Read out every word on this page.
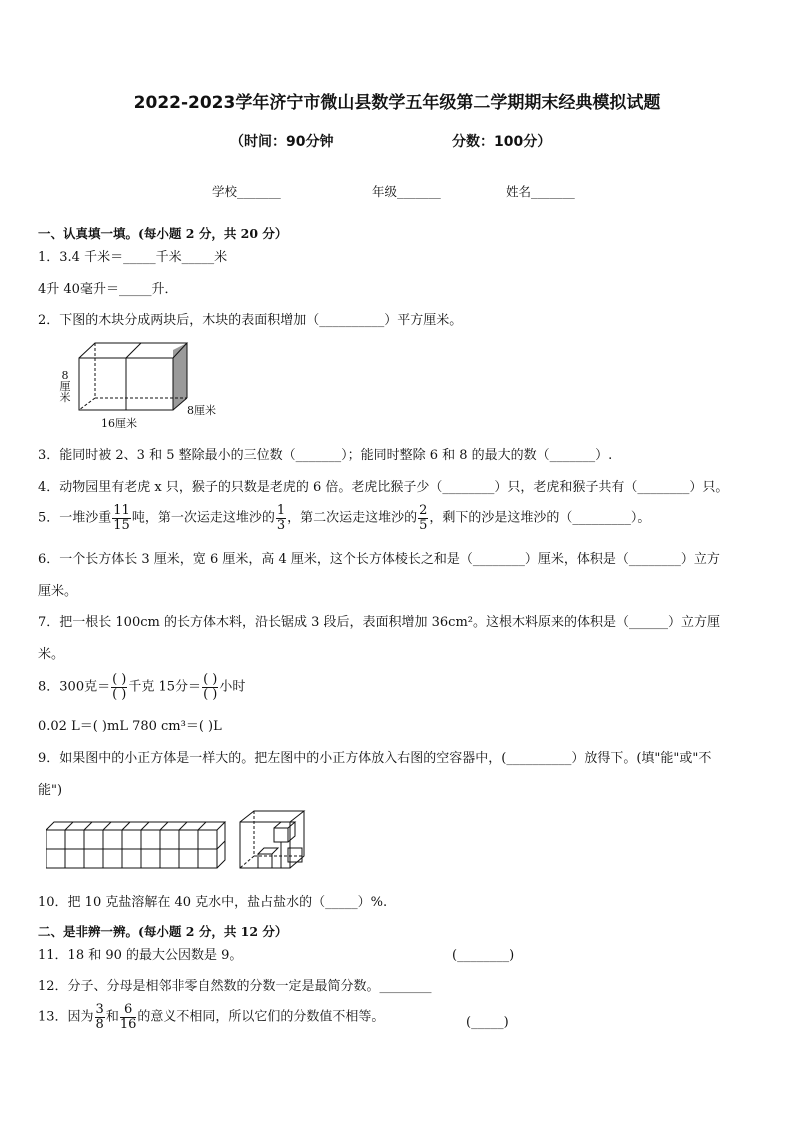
2022-2023学年济宁市微山县数学五年级第二学期期末经典模拟试题
（时间：90分钟	分数：100分）
学校_______	年级_______	姓名_______
一、认真填一填。(每小题 2 分，共 20 分）
1．3.4 千米＝_____千米_____米
4升 40毫升＝_____升．
2．下图的木块分成两块后，木块的表面积增加（__________）平方厘米。
8
厘
米
8厘米
16厘米
3．能同时被 2、3 和 5 整除最小的三位数（_______）；能同时整除 6 和 8 的最大的数（_______）.
4．动物园里有老虎 x 只，猴子的只数是老虎的 6 倍。老虎比猴子少（________）只，老虎和猴子共有（________）只。
5．一堆沙重 $\frac{11}{15}$ 吨，第一次运走这堆沙的 $\frac{1}{3}$ ，第二次运走这堆沙的 $\frac{2}{5}$ ，剩下的沙是这堆沙的（_________）。
6．一个长方体长 3 厘米，宽 6 厘米，高 4 厘米，这个长方体棱长之和是（________）厘米，体积是（________）立方
厘米。
7．把一根长 100cm 的长方体木料，沿长锯成 3 段后，表面积增加 36cm²。这根木料原来的体积是（______）立方厘
米。
8．300克＝ $\frac{( )}{( )}$ 千克 15分＝ $\frac{( )}{( )}$ 小时
0.02 L＝( )mL 780 cm³＝( )L
9．如果图中的小正方体是一样大的。把左图中的小正方体放入右图的空容器中，(__________）放得下。(填"能"或"不
能")
10．把 10 克盐溶解在 40 克水中，盐占盐水的（_____）%.
二、是非辨一辨。(每小题 2 分，共 12 分）
11．18 和 90 的最大公因数是 9。	(________)
12．分子、分母是相邻非零自然数的分数一定是最简分数。________
13．因为 $\frac{3}{8}$ 和 $\frac{6}{16}$ 的意义不相同，所以它们的分数值不相等。	(_____)
